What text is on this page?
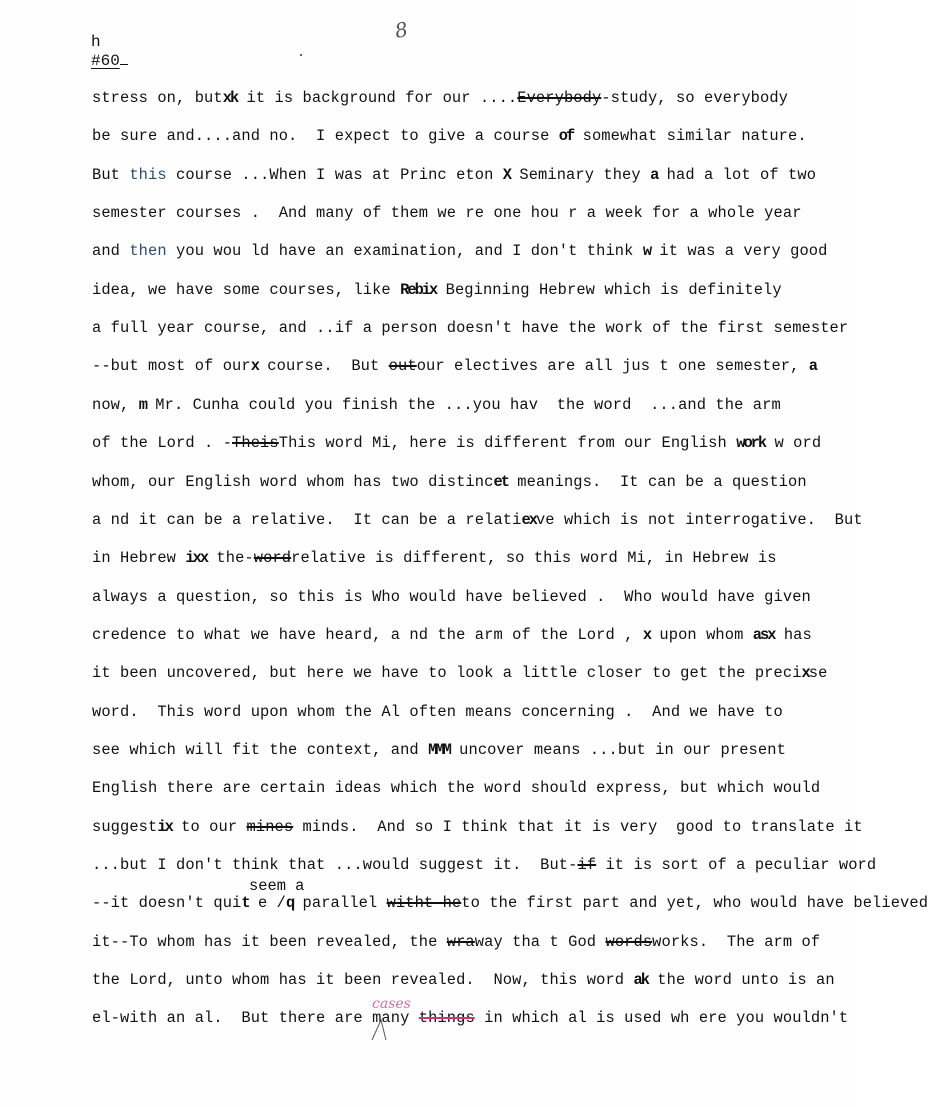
8
h
#60
stress on, butxk it is background for our ....Everybody-study, so everybody
be sure and....and no.  I expect to give a course of somewhat similar nature.
But this course ...When I was at Princ eton X Seminary they a had a lot of two
semester courses .  And many of them we re one hou r a week for a whole year
and then you wou ld have an examination, and I don't think w it was a very good
idea, we have some courses, like Rebix Beginning Hebrew which is definitely
a full year course, and ..if a person doesn't have the work of the first semester
--but most of ourx course.  But outour electives are all jus t one semester, a
now, m Mr. Cunha could you finish the ...you hav  the word  ...and the arm
of the Lord . -TheisThis word Mi, here is different from our English work w ord
whom, our English word whom has two distincet meanings.  It can be a question
a nd it can be a relative.  It can be a relatiexve which is not interrogative.  But
in Hebrew ixx the-wordrelative is different, so this word Mi, in Hebrew is
always a question, so this is Who would have believed .  Who would have given
credence to what we have heard, a nd the arm of the Lord , x upon whom asx has
it been uncovered, but here we have to look a little closer to get the precixse
word.  This word upon whom the Al often means concerning .  And we have to
see which will fit the context, and MMM uncover means ...but in our present
English there are certain ideas which the word should express, but which would
suggestix to our mines minds.  And so I think that it is very  good to translate it
...but I don't think that ...would suggest it.  But-if it is sort of a peculiar word
--it doesn't quit e /q parallel witht heto the first part and yet, who would have believed
it--To whom has it been revealed, the wraway tha t God wordsworks.  The arm of
the Lord, unto whom has it been revealed.  Now, this word ak the word unto is an
el-with an al.  But there are many things in which al is used wh ere you wouldn't
seem a
cases
